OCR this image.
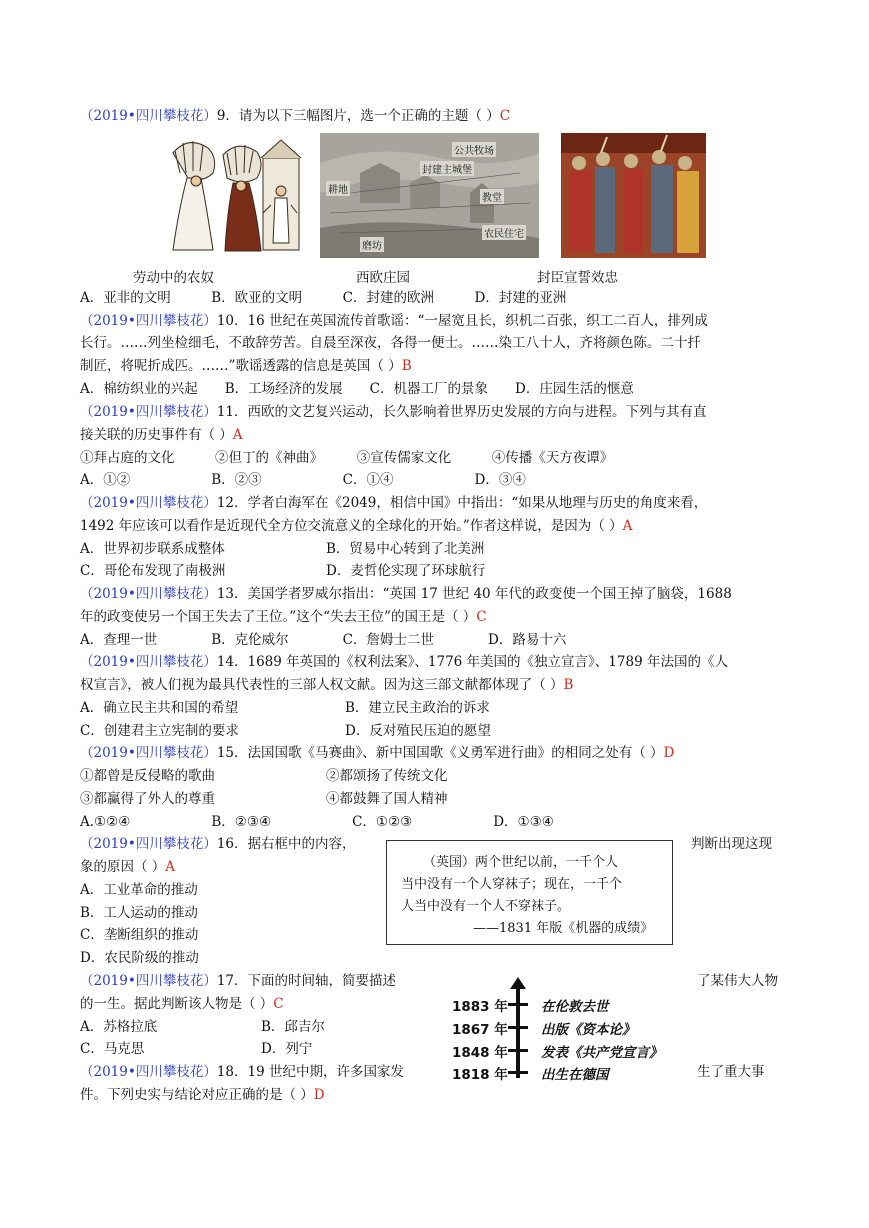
（2019•四川攀枝花）9．请为以下三幅图片，选一个正确的主题（ ）C
公共牧场
封建主城堡
耕地
教堂
磨坊
农民住宅
劳动中的农奴	西欧庄园	封臣宣誓效忠
A．亚非的文明　　　B．欧亚的文明　　　C．封建的欧洲　　　D．封建的亚洲
（2019•四川攀枝花）10．16 世纪在英国流传首歌谣：“一屋宽且长，织机二百张，织工二百人，排列成
长行。……列坐检细毛，不敢辞劳苦。自晨至深夜，各得一便士。……染工八十人，齐将颜色陈。二十扦
制匠，将呢折成匹。……”歌谣透露的信息是英国（ ）B
A．棉纺织业的兴起　　B．工场经济的发展　　C．机器工厂的景象　　D．庄园生活的惬意
（2019•四川攀枝花）11．西欧的文艺复兴运动，长久影响着世界历史发展的方向与进程。下列与其有直
接关联的历史事件有（ ）A
①拜占庭的文化　　　②但丁的《神曲》　　　③宣传儒家文化　　　④传播《天方夜谭》
A．①②　　　　　　B．②③　　　　　　C．①④　　　　　　D．③④
（2019•四川攀枝花）12．学者白海军在《2049，相信中国》中指出：“如果从地理与历史的角度来看，
1492 年应该可以看作是近现代全方位交流意义的全球化的开始。”作者这样说，是因为（ ）A
A．世界初步联系成整体	B．贸易中心转到了北美洲
C．哥伦布发现了南极洲	D．麦哲伦实现了环球航行
（2019•四川攀枝花）13．美国学者罗威尔指出：“英国 17 世纪 40 年代的政变使一个国王掉了脑袋，1688
年的政变使另一个国王失去了王位。”这个“失去王位”的国王是（ ）C
A．查理一世　　　　B．克伦威尔　　　　C．詹姆士二世　　　　D．路易十六
（2019•四川攀枝花）14．1689 年英国的《权利法案》、1776 年美国的《独立宣言》、1789 年法国的《人
权宣言》，被人们视为最具代表性的三部人权文献。因为这三部文献都体现了（ ）B
A．确立民主共和国的希望	B．建立民主政治的诉求
C．创建君主立宪制的要求	D．反对殖民压迫的愿望
（2019•四川攀枝花）15．法国国歌《马赛曲》、新中国国歌《义勇军进行曲》的相同之处有（ ）D
①都曾是反侵略的歌曲	②都颂扬了传统文化
③都赢得了外人的尊重	④都鼓舞了国人精神
A.①②④　　　　　　B．②③④　　　　　　C．①②③　　　　　　D．①③④
（2019•四川攀枝花）16．据右框中的内容，	判断出现这现
象的原因（ ）A
A．工业革命的推动
B．工人运动的推动
C．垄断组织的推动
D．农民阶级的推动
（英国）两个世纪以前，一千个人
当中没有一个人穿袜子；现在，一千个
人当中没有一个人不穿袜子。
——1831 年版《机器的成绩》
（2019•四川攀枝花）17．下面的时间轴，简要描述	了某伟大人物
的一生。据此判断该人物是（ ）C
A．苏格拉底	B．邱吉尔
C．马克思	D．列宁
1883 年 在伦敦去世
1867 年 出版《资本论》
1848 年 发表《共产党宣言》
1818 年 出生在德国
（2019•四川攀枝花）18．19 世纪中期，许多国家发	生了重大事
件。下列史实与结论对应正确的是（ ）D
